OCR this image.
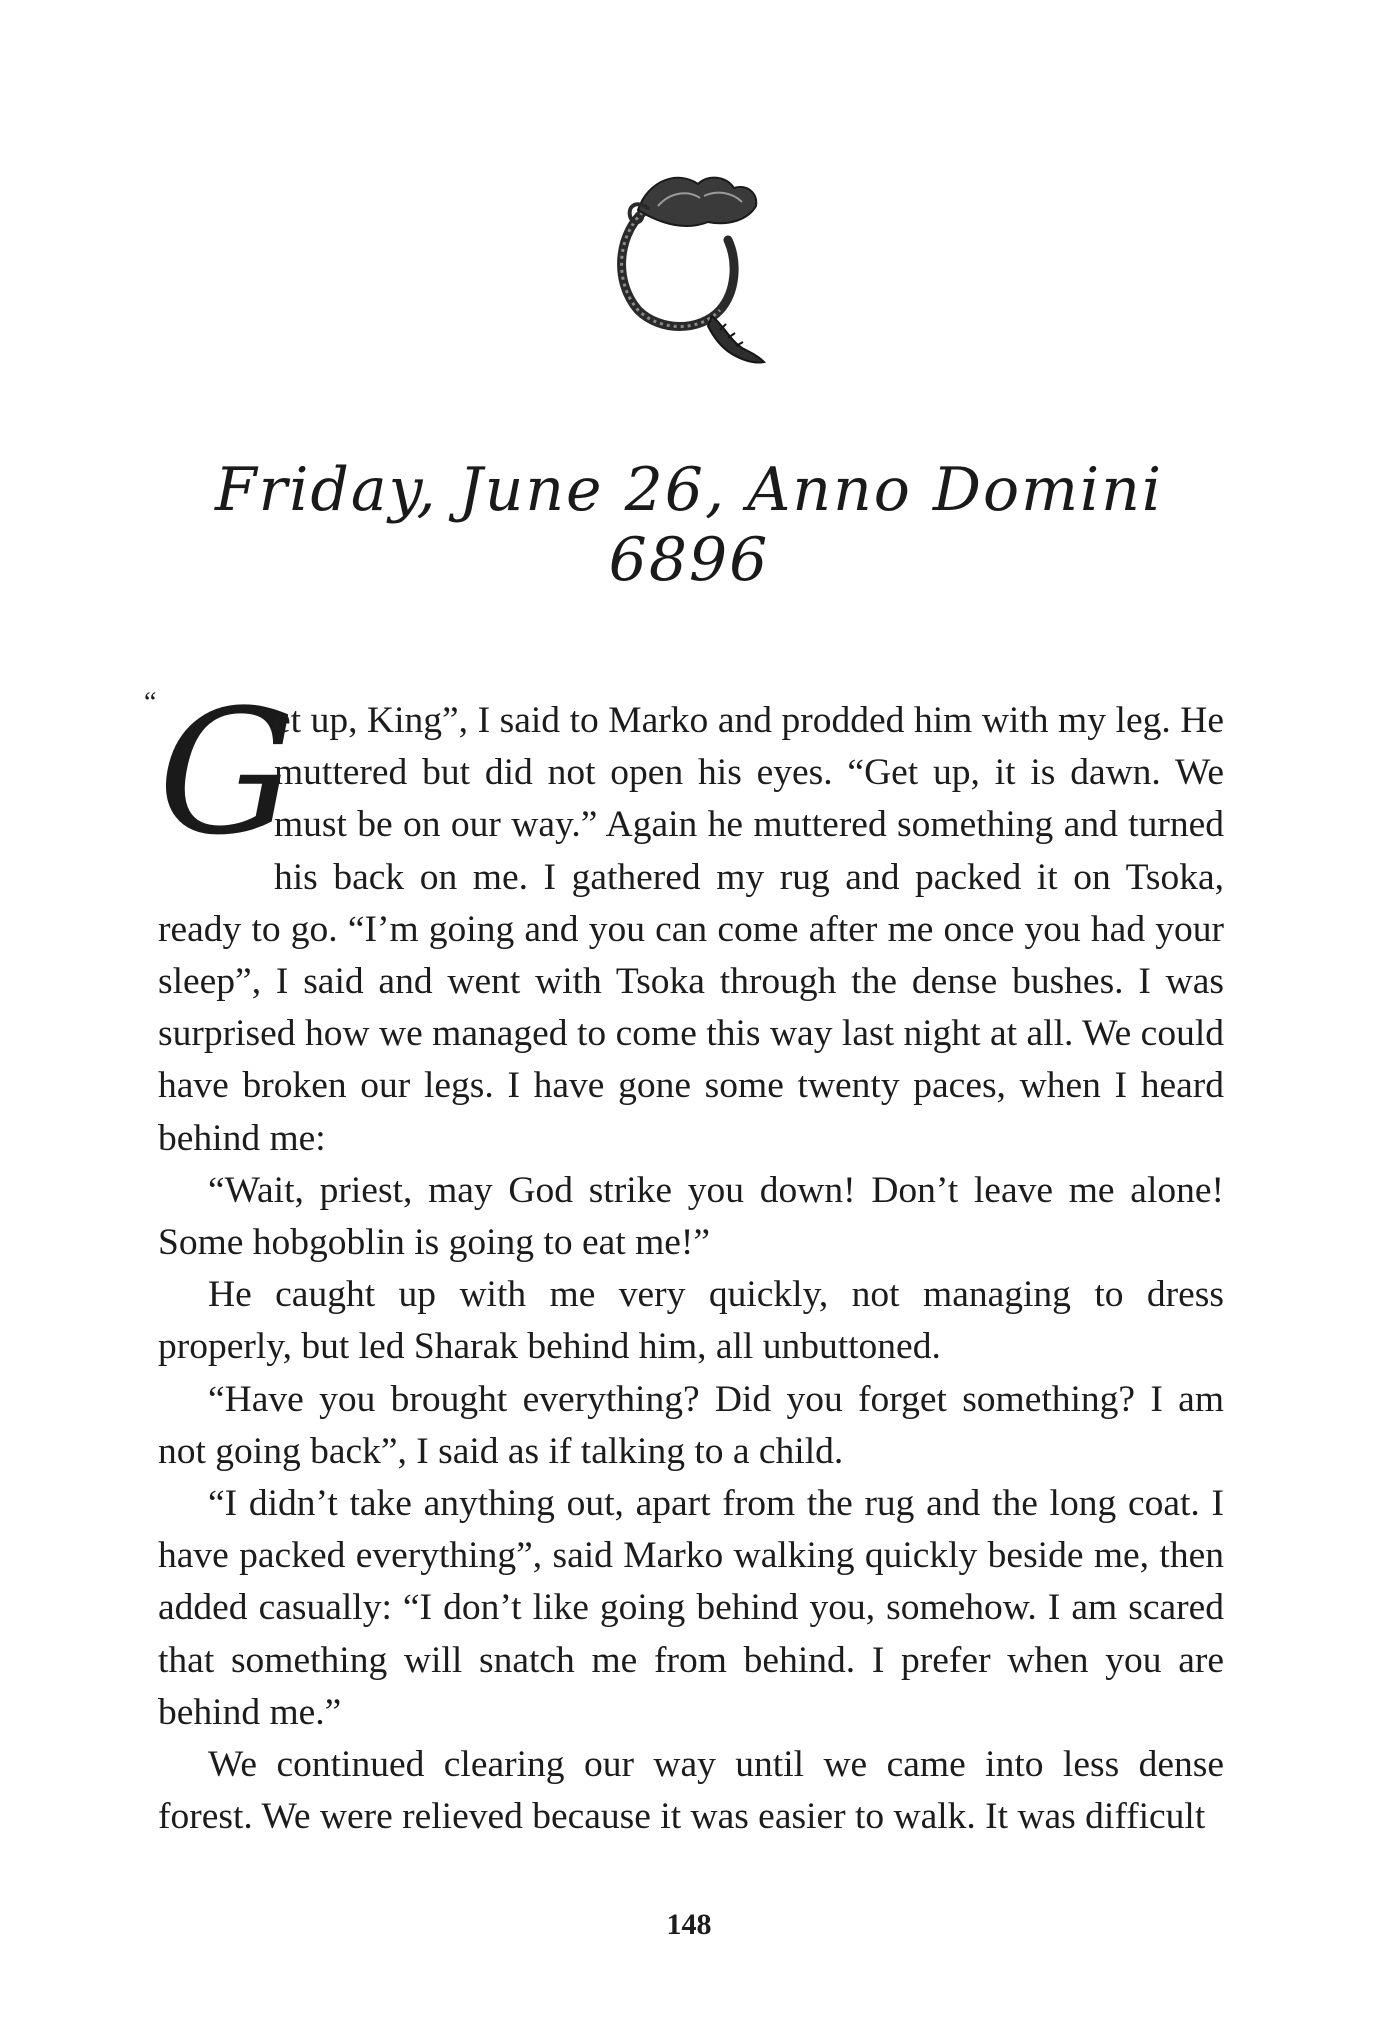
Friday, June 26, Anno Domini 6896
“ G
et up, King”, I said to Marko and prodded him with my leg. He muttered but did not open his eyes. “Get up, it is dawn. We must be on our way.” Again he muttered something and turned his back on me. I gathered my rug and packed it on Tsoka, ready to go. “I’m going and you can come after me once you had your sleep”, I said and went with Tsoka through the dense bushes. I was surprised how we managed to come this way last night at all. We could have broken our legs. I have gone some twenty paces, when I heard behind me:

“Wait, priest, may God strike you down! Don’t leave me alone! Some hobgoblin is going to eat me!”

He caught up with me very quickly, not managing to dress properly, but led Sharak behind him, all unbuttoned.

“Have you brought everything? Did you forget something? I am not going back”, I said as if talking to a child.

“I didn’t take anything out, apart from the rug and the long coat. I have packed everything”, said Marko walking quickly beside me, then added casually: “I don’t like going behind you, somehow. I am scared that something will snatch me from behind. I prefer when you are behind me.”

We continued clearing our way until we came into less dense forest. We were relieved because it was easier to walk. It was difficult

148
